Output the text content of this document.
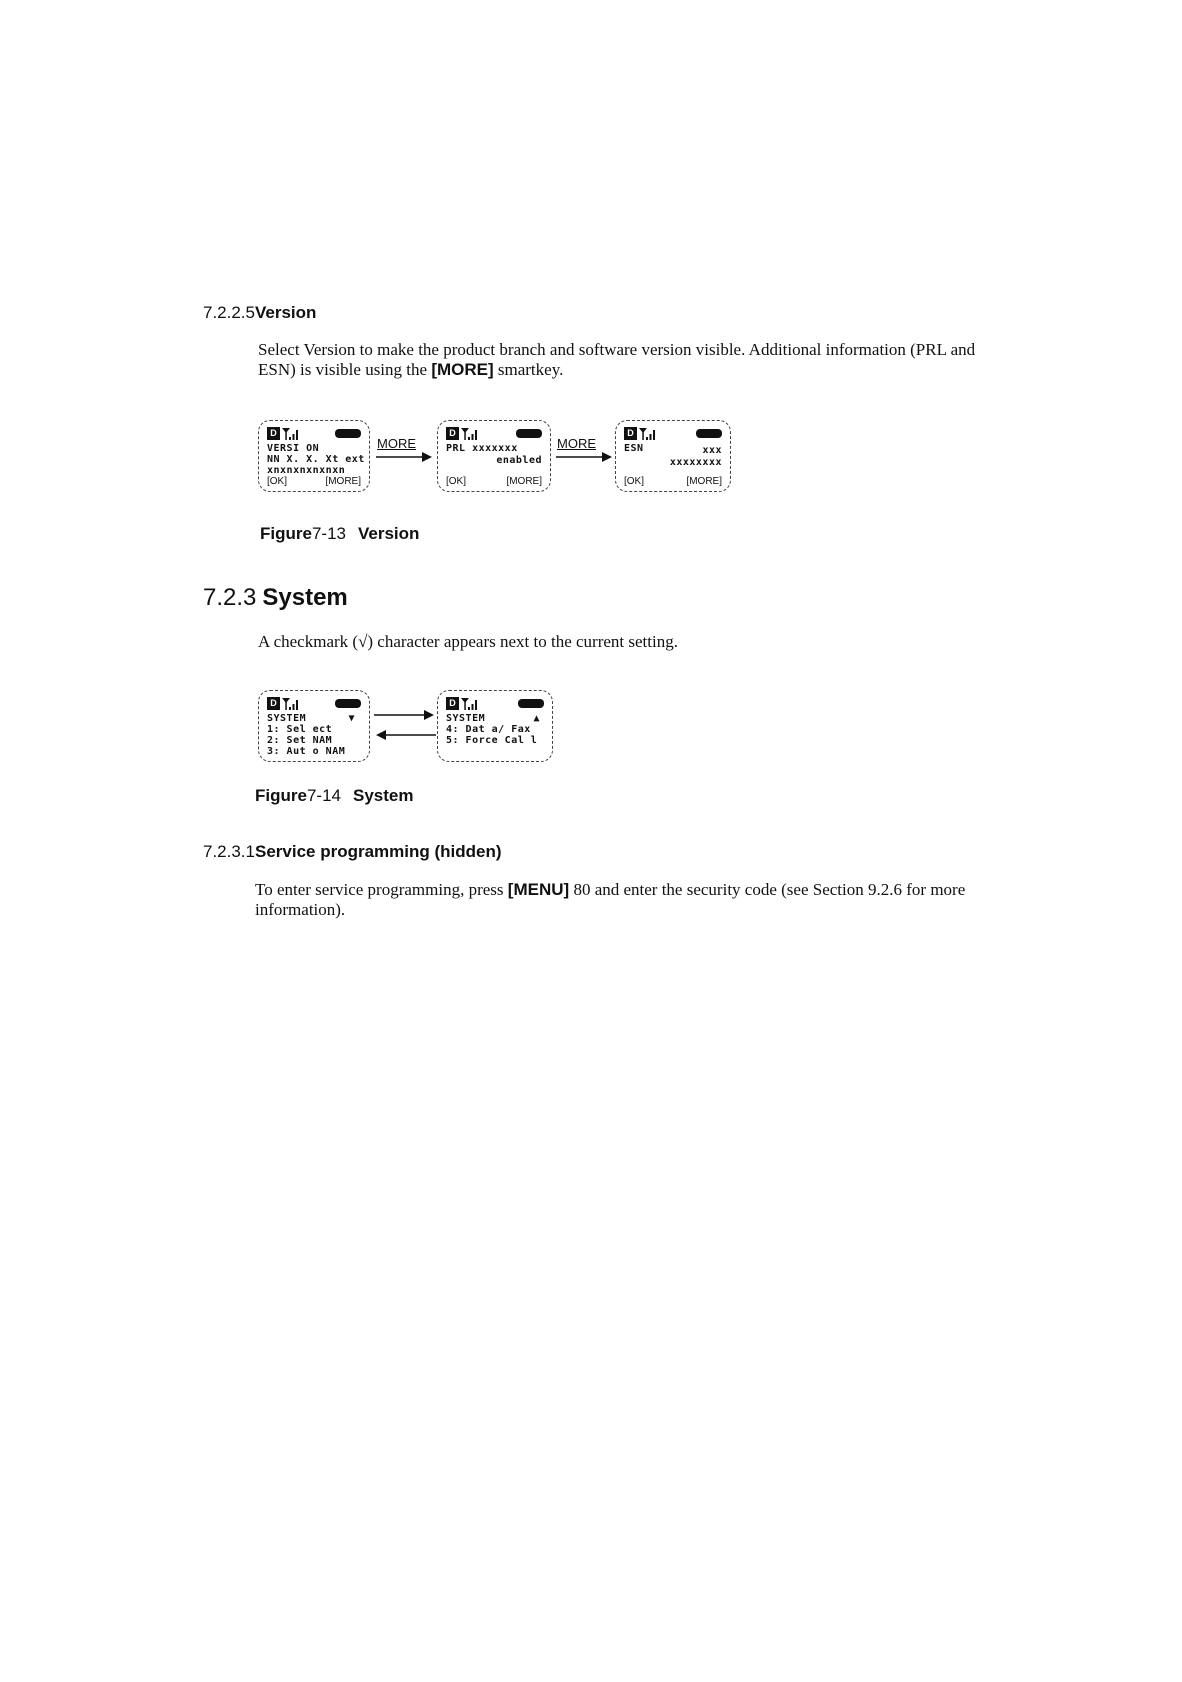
7.2.2.5Version
Select Version to make the product branch and software version visible. Additional information (PRL and ESN) is visible using the [MORE] smartkey.
D
VERSI ON
NN X. X. Xt ext
xnxnxnxnxnxn
[OK]	[MORE]
MORE
D
PRL xxxxxxx
enabled
[OK]	[MORE]
MORE
D
ESN	xxx
xxxxxxxx
[OK]	[MORE]
Figure7-13 Version
7.2.3 System
A checkmark (√) character appears next to the current setting.
D
SYSTEM	▼
1: Sel ect
2: Set NAM
3: Aut o NAM
D
SYSTEM	▲
4: Dat a/ Fax
5: Force Cal l
Figure7-14 System
7.2.3.1Service programming (hidden)
To enter service programming, press [MENU] 80 and enter the security code (see Section 9.2.6 for more information).
